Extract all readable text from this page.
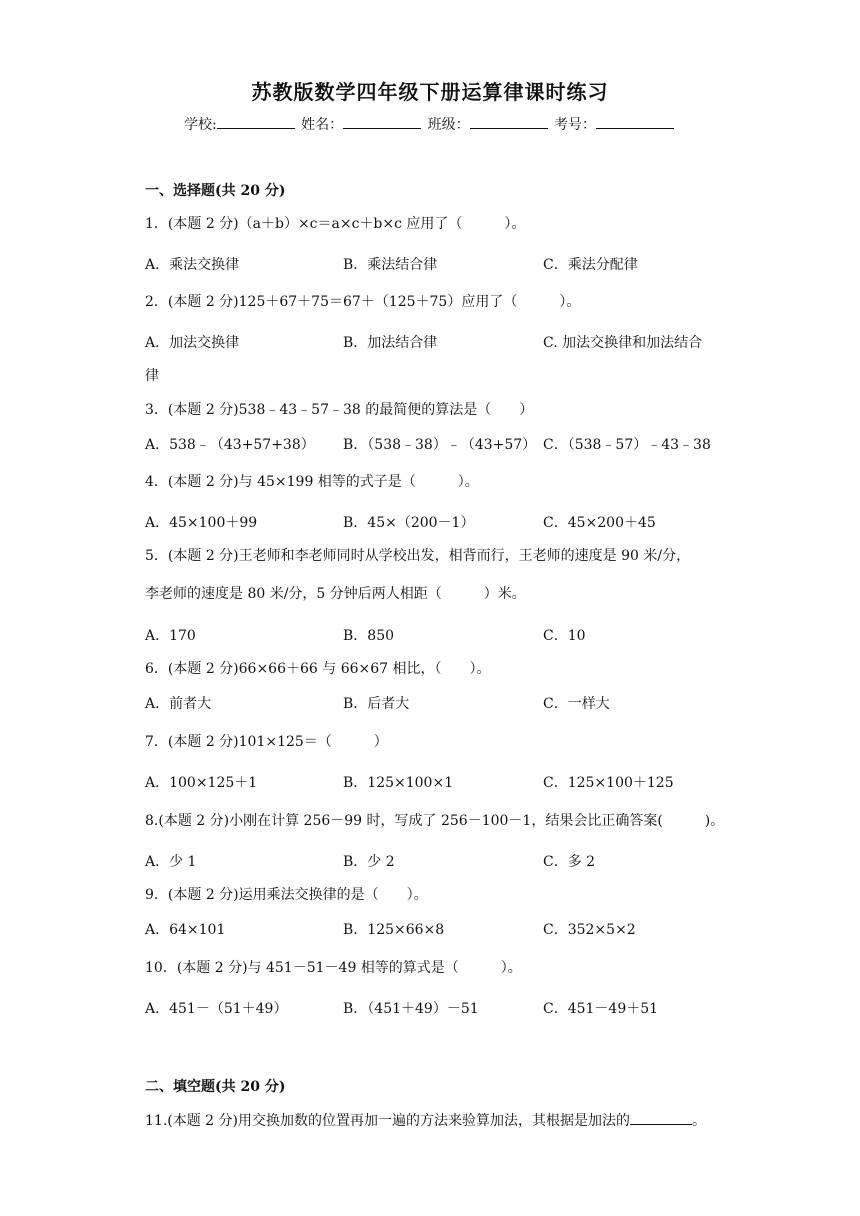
苏教版数学四年级下册运算律课时练习
学校:	姓名：	班级：	考号：
一、选择题(共 20 分)
1．(本题 2 分)（a＋b）×c＝a×c＋b×c 应用了（　　　）。
A．乘法交换律	B．乘法结合律	C．乘法分配律
2．(本题 2 分)125＋67＋75＝67＋（125＋75）应用了（　　　）。
A．加法交换律	B．加法结合律	C. 加法交换律和加法结合
律
3．(本题 2 分)538﹣43﹣57﹣38 的最简便的算法是（　　）
A．538﹣（43+57+38） B．（538﹣38）﹣（43+57） C．（538﹣57）﹣43﹣38
4．(本题 2 分)与 45×199 相等的式子是（　　　）。
A．45×100＋99	B．45×（200－1）	C．45×200＋45
5．(本题 2 分)王老师和李老师同时从学校出发，相背而行，王老师的速度是 90 米/分，
李老师的速度是 80 米/分，5 分钟后两人相距（　　　）米。
A．170	B．850	C．10
6．(本题 2 分)66×66＋66 与 66×67 相比，（　　）。
A．前者大	B．后者大	C．一样大
7．(本题 2 分)101×125＝（　　　）
A．100×125＋1	B．125×100×1	C．125×100＋125
8.(本题 2 分)小刚在计算 256－99 时，写成了 256－100－1，结果会比正确答案(　　　)。
A．少 1	B．少 2	C．多 2
9．(本题 2 分)运用乘法交换律的是（　　）。
A．64×101	B．125×66×8	C．352×5×2
10．(本题 2 分)与 451－51－49 相等的算式是（　　　）。
A．451－（51＋49）	B．（451＋49）－51	C．451－49＋51
二、填空题(共 20 分)
11.(本题 2 分)用交换加数的位置再加一遍的方法来验算加法，其根据是加法的	。
